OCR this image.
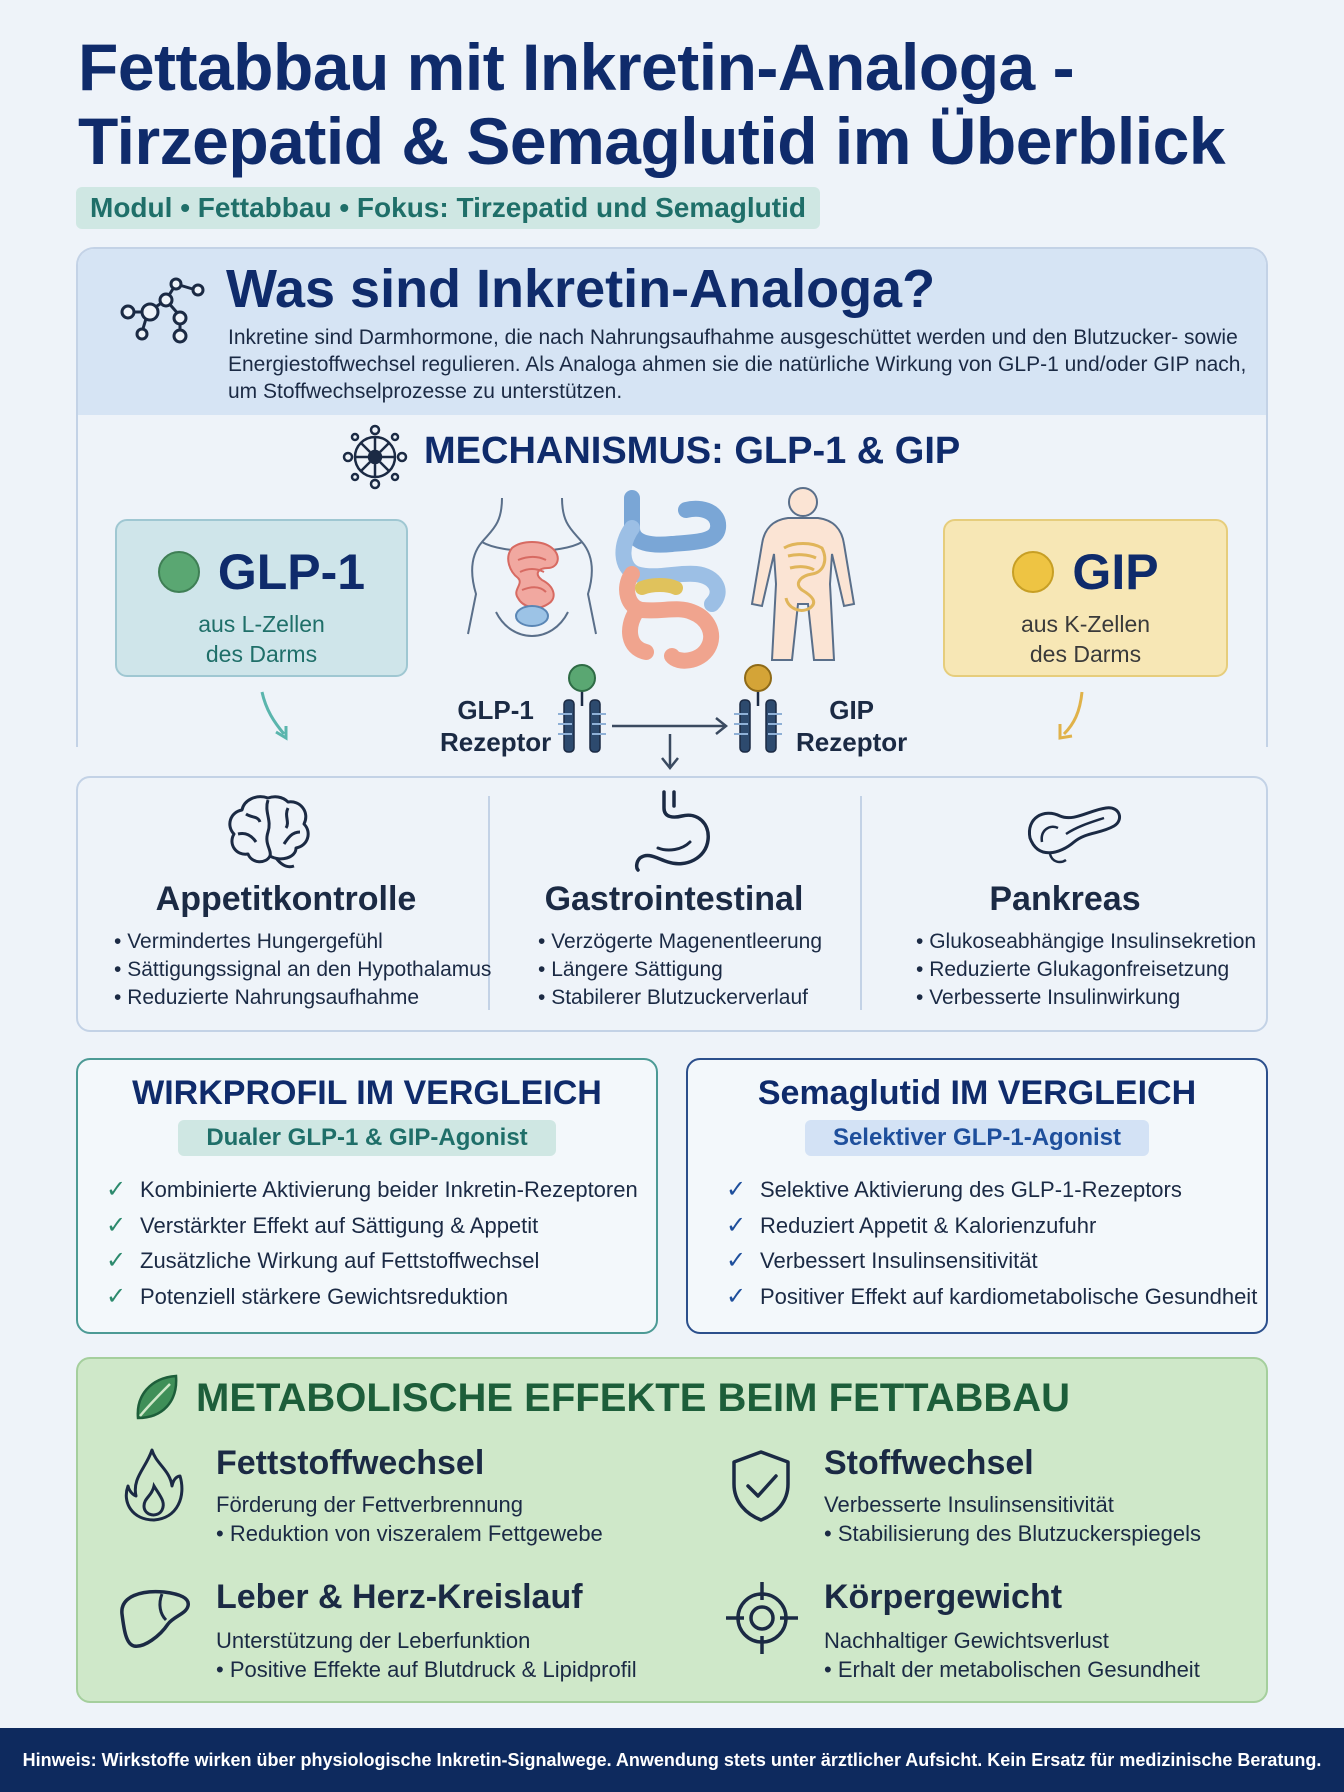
Fettabbau mit Inkretin-Analoga -
Tirzepatid & Semaglutid im Überblick
Modul • Fettabbau • Fokus: Tirzepatid und Semaglutid
Was sind Inkretin-Analoga?
Inkretine sind Darmhormone, die nach Nahrungsaufhahme ausgeschüttet werden und den Blutzucker- sowie Energiestoffwechsel regulieren. Als Analoga ahmen sie die natürliche Wirkung von GLP-1 und/oder GIP nach, um Stoffwechselprozesse zu unterstützen.
MECHANISMUS: GLP-1 & GIP
GLP-1
aus L-Zellen
des Darms
GIP
aus K-Zellen
des Darms
GLP-1
Rezeptor
GIP
Rezeptor
Appetitkontrolle
• Vermindertes Hungergefühl
• Sättigungssignal an den Hypothalamus
• Reduzierte Nahrungsaufhahme
Gastrointestinal
• Verzögerte Magenentleerung
• Längere Sättigung
• Stabilerer Blutzuckerverlauf
Pankreas
• Glukoseabhängige Insulinsekretion
• Reduzierte Glukagonfreisetzung
• Verbesserte Insulinwirkung
WIRKPROFIL IM VERGLEICH
Dualer GLP-1 & GIP-Agonist
✓ Kombinierte Aktivierung beider Inkretin-Rezeptoren
✓ Verstärkter Effekt auf Sättigung & Appetit
✓ Zusätzliche Wirkung auf Fettstoffwechsel
✓ Potenziell stärkere Gewichtsreduktion
Semaglutid IM VERGLEICH
Selektiver GLP-1-Agonist
✓ Selektive Aktivierung des GLP-1-Rezeptors
✓ Reduziert Appetit & Kalorienzufuhr
✓ Verbessert Insulinsensitivität
✓ Positiver Effekt auf kardiometabolische Gesundheit
METABOLISCHE EFFEKTE BEIM FETTABBAU
Fettstoffwechsel
Förderung der Fettverbrennung
• Reduktion von viszeralem Fettgewebe
Stoffwechsel
Verbesserte Insulinsensitivität
• Stabilisierung des Blutzuckerspiegels
Leber & Herz-Kreislauf
Unterstützung der Leberfunktion
• Positive Effekte auf Blutdruck & Lipidprofil
Körpergewicht
Nachhaltiger Gewichtsverlust
• Erhalt der metabolischen Gesundheit
Hinweis: Wirkstoffe wirken über physiologische Inkretin-Signalwege. Anwendung stets unter ärztlicher Aufsicht. Kein Ersatz für medizinische Beratung.
